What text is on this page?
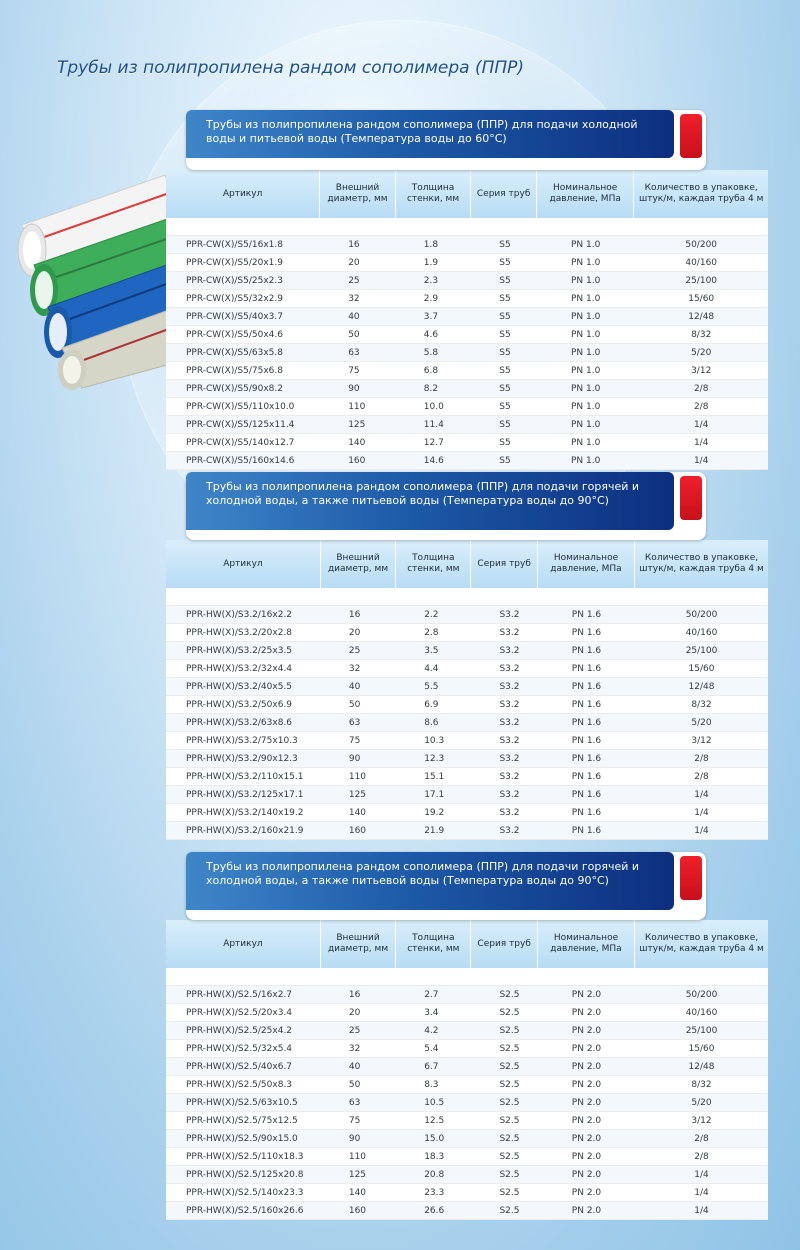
Трубы из полипропилена рандом сополимера (ППР)
Трубы из полипропилена рандом сополимера (ППР) для подачи холодной воды и питьевой воды (Температура воды до 60°C)
Артикул	Внешний диаметр, мм	Толщина стенки, мм	Серия труб	Номинальное давление, МПа	Количество в упаковке, штук/м, каждая труба 4 м

PPR-CW(X)/S5/16x1.8	16	1.8	S5	PN 1.0	50/200
PPR-CW(X)/S5/20x1.9	20	1.9	S5	PN 1.0	40/160
PPR-CW(X)/S5/25x2.3	25	2.3	S5	PN 1.0	25/100
PPR-CW(X)/S5/32x2.9	32	2.9	S5	PN 1.0	15/60
PPR-CW(X)/S5/40x3.7	40	3.7	S5	PN 1.0	12/48
PPR-CW(X)/S5/50x4.6	50	4.6	S5	PN 1.0	8/32
PPR-CW(X)/S5/63x5.8	63	5.8	S5	PN 1.0	5/20
PPR-CW(X)/S5/75x6.8	75	6.8	S5	PN 1.0	3/12
PPR-CW(X)/S5/90x8.2	90	8.2	S5	PN 1.0	2/8
PPR-CW(X)/S5/110x10.0	110	10.0	S5	PN 1.0	2/8
PPR-CW(X)/S5/125x11.4	125	11.4	S5	PN 1.0	1/4
PPR-CW(X)/S5/140x12.7	140	12.7	S5	PN 1.0	1/4
PPR-CW(X)/S5/160x14.6	160	14.6	S5	PN 1.0	1/4
Трубы из полипропилена рандом сополимера (ППР) для подачи горячей и холодной воды, а также питьевой воды (Температура воды до 90°C)
Артикул	Внешний диаметр, мм	Толщина стенки, мм	Серия труб	Номинальное давление, МПа	Количество в упаковке, штук/м, каждая труба 4 м

PPR-HW(X)/S3.2/16x2.2	16	2.2	S3.2	PN 1.6	50/200
PPR-HW(X)/S3.2/20x2.8	20	2.8	S3.2	PN 1.6	40/160
PPR-HW(X)/S3.2/25x3.5	25	3.5	S3.2	PN 1.6	25/100
PPR-HW(X)/S3.2/32x4.4	32	4.4	S3.2	PN 1.6	15/60
PPR-HW(X)/S3.2/40x5.5	40	5.5	S3.2	PN 1.6	12/48
PPR-HW(X)/S3.2/50x6.9	50	6.9	S3.2	PN 1.6	8/32
PPR-HW(X)/S3.2/63x8.6	63	8.6	S3.2	PN 1.6	5/20
PPR-HW(X)/S3.2/75x10.3	75	10.3	S3.2	PN 1.6	3/12
PPR-HW(X)/S3.2/90x12.3	90	12.3	S3.2	PN 1.6	2/8
PPR-HW(X)/S3.2/110x15.1	110	15.1	S3.2	PN 1.6	2/8
PPR-HW(X)/S3.2/125x17.1	125	17.1	S3.2	PN 1.6	1/4
PPR-HW(X)/S3.2/140x19.2	140	19.2	S3.2	PN 1.6	1/4
PPR-HW(X)/S3.2/160x21.9	160	21.9	S3.2	PN 1.6	1/4
Трубы из полипропилена рандом сополимера (ППР) для подачи горячей и холодной воды, а также питьевой воды (Температура воды до 90°C)
Артикул	Внешний диаметр, мм	Толщина стенки, мм	Серия труб	Номинальное давление, МПа	Количество в упаковке, штук/м, каждая труба 4 м

PPR-HW(X)/S2.5/16x2.7	16	2.7	S2.5	PN 2.0	50/200
PPR-HW(X)/S2.5/20x3.4	20	3.4	S2.5	PN 2.0	40/160
PPR-HW(X)/S2.5/25x4.2	25	4.2	S2.5	PN 2.0	25/100
PPR-HW(X)/S2.5/32x5.4	32	5.4	S2.5	PN 2.0	15/60
PPR-HW(X)/S2.5/40x6.7	40	6.7	S2.5	PN 2.0	12/48
PPR-HW(X)/S2.5/50x8.3	50	8.3	S2.5	PN 2.0	8/32
PPR-HW(X)/S2.5/63x10.5	63	10.5	S2.5	PN 2.0	5/20
PPR-HW(X)/S2.5/75x12.5	75	12.5	S2.5	PN 2.0	3/12
PPR-HW(X)/S2.5/90x15.0	90	15.0	S2.5	PN 2.0	2/8
PPR-HW(X)/S2.5/110x18.3	110	18.3	S2.5	PN 2.0	2/8
PPR-HW(X)/S2.5/125x20.8	125	20.8	S2.5	PN 2.0	1/4
PPR-HW(X)/S2.5/140x23.3	140	23.3	S2.5	PN 2.0	1/4
PPR-HW(X)/S2.5/160x26.6	160	26.6	S2.5	PN 2.0	1/4
